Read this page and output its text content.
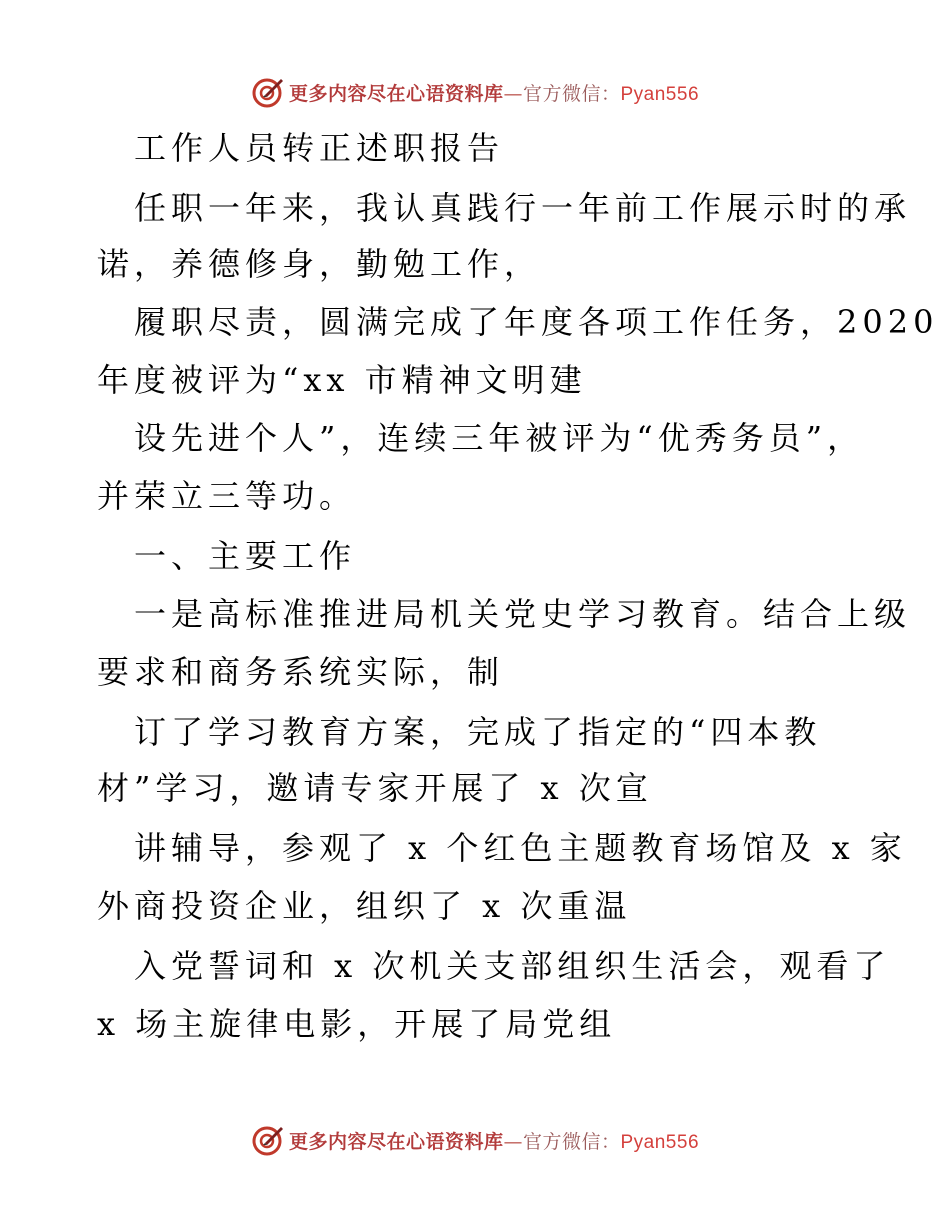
更多内容尽在心语资料库—官方微信：Pyan556
工作人员转正述职报告
任职一年来，我认真践行一年前工作展示时的承
诺，养德修身，勤勉工作，
履职尽责，圆满完成了年度各项工作任务，2020
年度被评为“xx 市精神文明建
设先进个人”，连续三年被评为“优秀务员”，
并荣立三等功。
一、主要工作
一是高标准推进局机关党史学习教育。结合上级
要求和商务系统实际，制
订了学习教育方案，完成了指定的“四本教
材”学习，邀请专家开展了 x 次宣
讲辅导，参观了 x 个红色主题教育场馆及 x 家
外商投资企业，组织了 x 次重温
入党誓词和 x 次机关支部组织生活会，观看了
x 场主旋律电影，开展了局党组
更多内容尽在心语资料库—官方微信：Pyan556
